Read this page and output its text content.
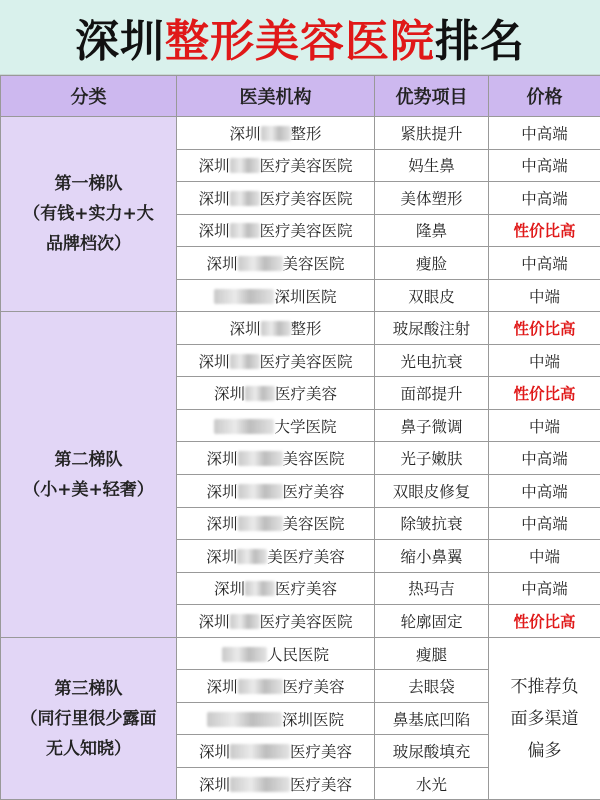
深圳 整形美容医院 排名
分类	医美机构	优势项目	价格

第一梯队
（有钱+实力+大品牌档次）	深圳 整形	紧肤提升	中高端
	深圳 医疗美容医院	妈生鼻	中高端
	深圳 医疗美容医院	美体塑形	中高端
	深圳 医疗美容医院	隆鼻	性价比高
	深圳 美容医院	瘦脸	中高端
	深圳医院	双眼皮	中端

第二梯队
（小+美+轻奢）	深圳 整形	玻尿酸注射	性价比高
	深圳 医疗美容医院	光电抗衰	中端
	深圳 医疗美容	面部提升	性价比高
	大学医院	鼻子微调	中端
	深圳 美容医院	光子嫩肤	中高端
	深圳 医疗美容	双眼皮修复	中高端
	深圳 美容医院	除皱抗衰	中高端
	深圳 美医疗美容	缩小鼻翼	中端
	深圳 医疗美容	热玛吉	中高端
	深圳 医疗美容医院	轮廓固定	性价比高

第三梯队
（同行里很少露面无人知晓）	人民医院	瘦腿	不推荐负面多渠道偏多

	深圳 医疗美容	去眼袋	
	深圳医院	鼻基底凹陷	
	深圳 医疗美容	玻尿酸填充	
	深圳 医疗美容	水光	
